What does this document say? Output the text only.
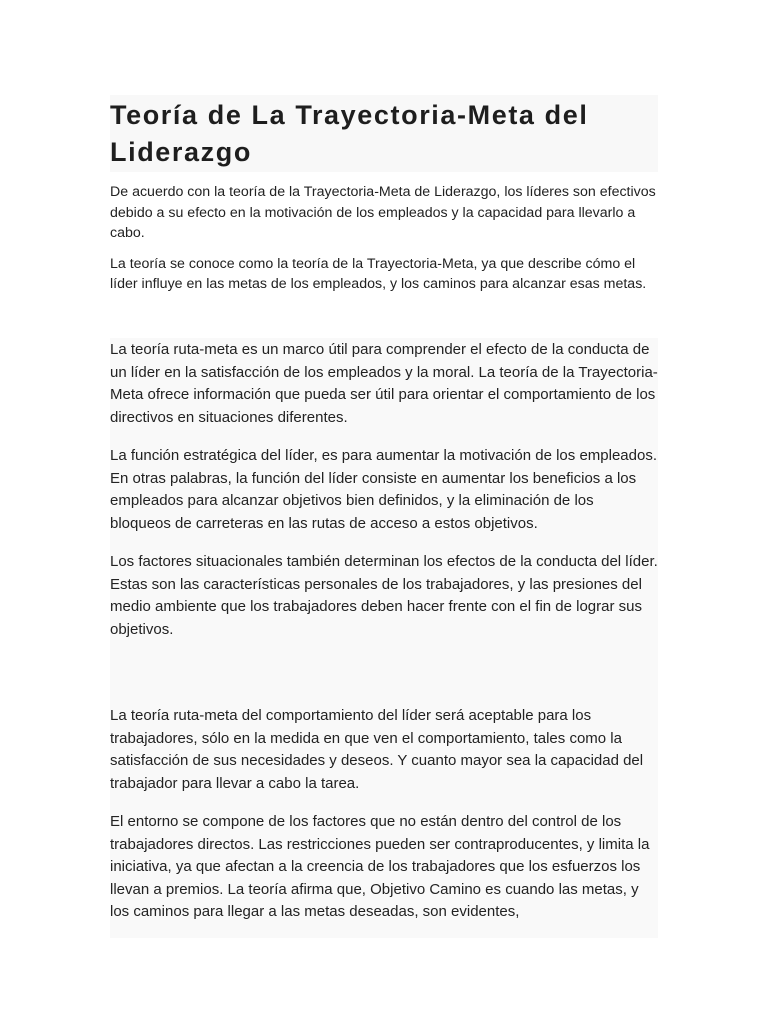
Teoría de La Trayectoria-Meta del Liderazgo

De acuerdo con la teoría de la Trayectoria-Meta de Liderazgo, los líderes son efectivos debido a su efecto en la motivación de los empleados y la capacidad para llevarlo a cabo.

La teoría se conoce como la teoría de la Trayectoria-Meta, ya que describe cómo el líder influye en las metas de los empleados, y los caminos para alcanzar esas metas.

La teoría ruta-meta es un marco útil para comprender el efecto de la conducta de un líder en la satisfacción de los empleados y la moral. La teoría de la Trayectoria-Meta ofrece información que pueda ser útil para orientar el comportamiento de los directivos en situaciones diferentes.

La función estratégica del líder, es para aumentar la motivación de los empleados. En otras palabras, la función del líder consiste en aumentar los beneficios a los empleados para alcanzar objetivos bien definidos, y la eliminación de los bloqueos de carreteras en las rutas de acceso a estos objetivos.

Los factores situacionales también determinan los efectos de la conducta del líder. Estas son las características personales de los trabajadores, y las presiones del medio ambiente que los trabajadores deben hacer frente con el fin de lograr sus objetivos.

La teoría ruta-meta del comportamiento del líder será aceptable para los trabajadores, sólo en la medida en que ven el comportamiento, tales como la satisfacción de sus necesidades y deseos. Y cuanto mayor sea la capacidad del trabajador para llevar a cabo la tarea.

El entorno se compone de los factores que no están dentro del control de los trabajadores directos. Las restricciones pueden ser contraproducentes, y limita la iniciativa, ya que afectan a la creencia de los trabajadores que los esfuerzos los llevan a premios. La teoría afirma que, Objetivo Camino es cuando las metas, y los caminos para llegar a las metas deseadas, son evidentes,
